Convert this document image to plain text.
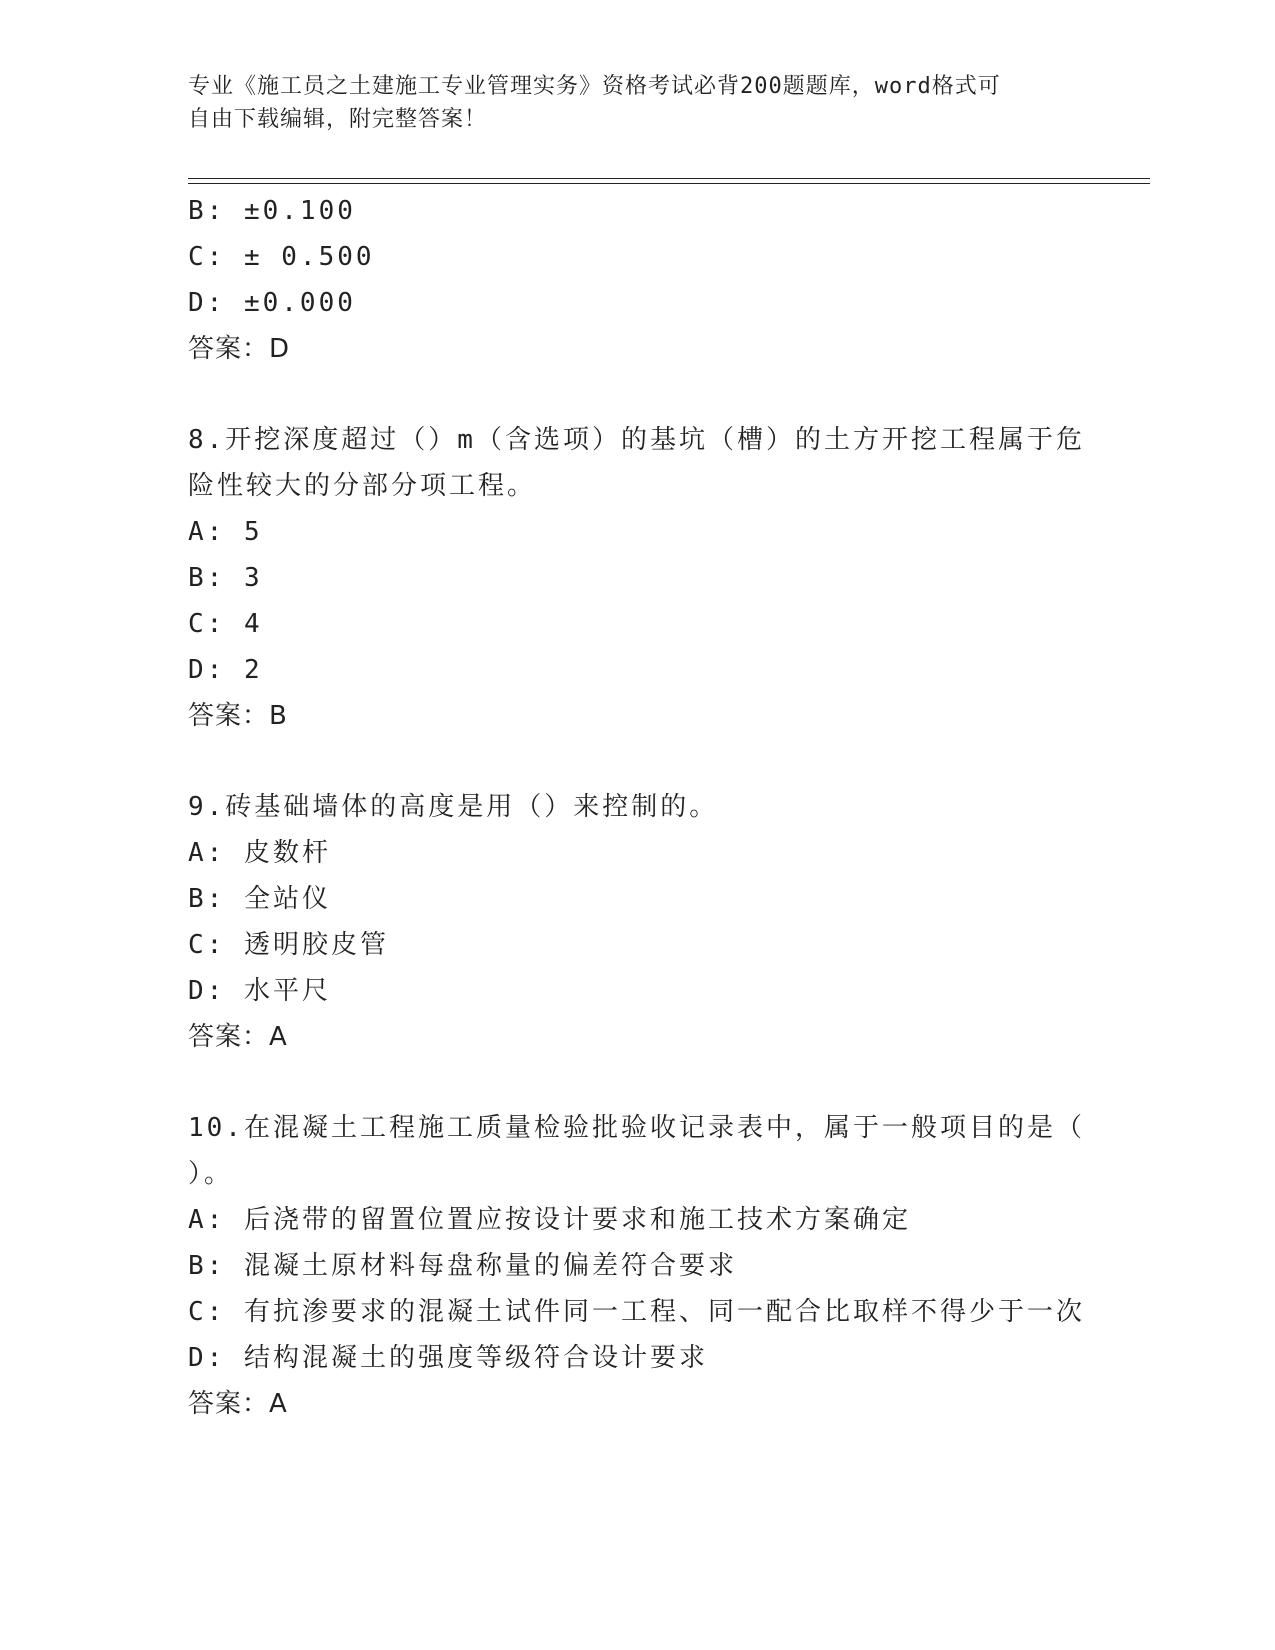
专业《施工员之土建施工专业管理实务》资格考试必背200题题库，word格式可
自由下载编辑，附完整答案！
B: ±0.100
C: ± 0.500
D: ±0.000
答案：D
8.开挖深度超过（）m（含选项）的基坑（槽）的土方开挖工程属于危
险性较大的分部分项工程。
A: 5
B: 3
C: 4
D: 2
答案：B
9.砖基础墙体的高度是用（）来控制的。
A: 皮数杆
B: 全站仪
C: 透明胶皮管
D: 水平尺
答案：A
10.在混凝土工程施工质量检验批验收记录表中，属于一般项目的是（
）。
A: 后浇带的留置位置应按设计要求和施工技术方案确定
B: 混凝土原材料每盘称量的偏差符合要求
C: 有抗渗要求的混凝土试件同一工程、同一配合比取样不得少于一次
D: 结构混凝土的强度等级符合设计要求
答案：A
